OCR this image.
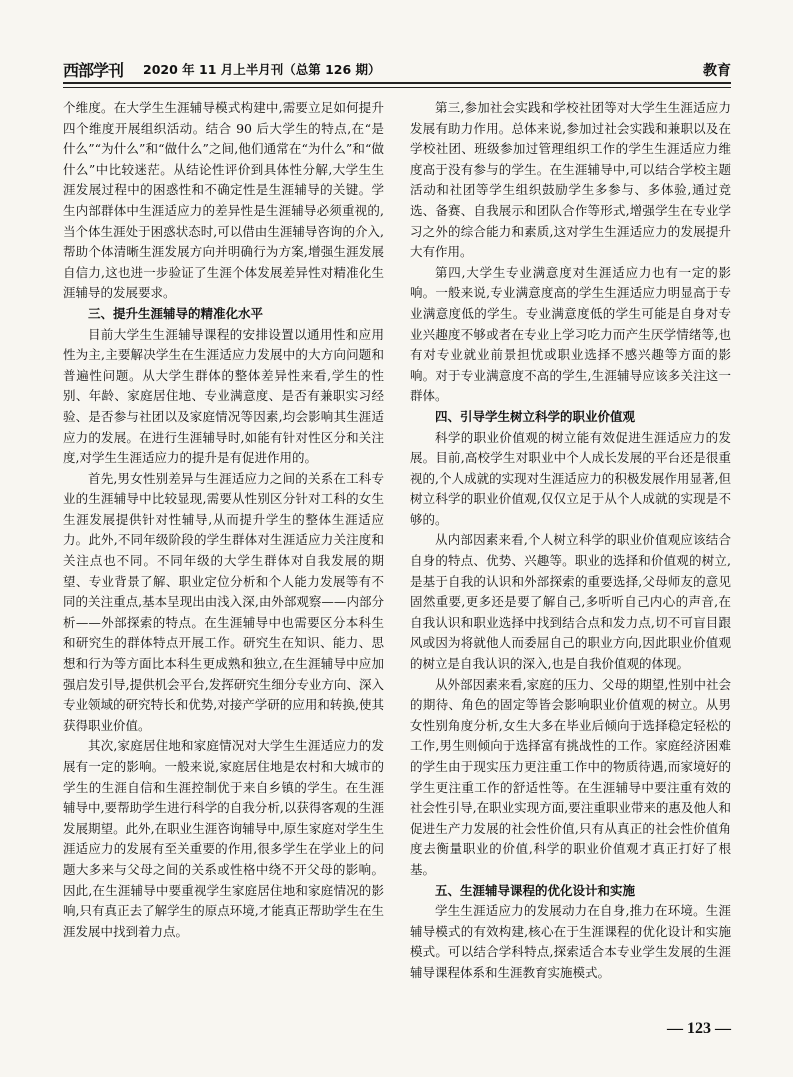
西部学刊 2020 年 11 月上半月刊（总第 126 期）	教育

个维度。在大学生生涯辅导模式构建中,需要立足如何提升四个维度开展组织活动。结合 90 后大学生的特点,在“是什么”“为什么”和“做什么”之间,他们通常在“为什么”和“做什么”中比较迷茫。从结论性评价到具体性分解,大学生生涯发展过程中的困惑性和不确定性是生涯辅导的关键。学生内部群体中生涯适应力的差异性是生涯辅导必须重视的,当个体生涯处于困惑状态时,可以借由生涯辅导咨询的介入,帮助个体清晰生涯发展方向并明确行为方案,增强生涯发展自信力,这也进一步验证了生涯个体发展差异性对精准化生涯辅导的发展要求。

三、提升生涯辅导的精准化水平

目前大学生生涯辅导课程的安排设置以通用性和应用性为主,主要解决学生在生涯适应力发展中的大方向问题和普遍性问题。从大学生群体的整体差异性来看,学生的性别、年龄、家庭居住地、专业满意度、是否有兼职实习经验、是否参与社团以及家庭情况等因素,均会影响其生涯适应力的发展。在进行生涯辅导时,如能有针对性区分和关注度,对学生生涯适应力的提升是有促进作用的。

首先,男女性别差异与生涯适应力之间的关系在工科专业的生涯辅导中比较显现,需要从性别区分针对工科的女生生涯发展提供针对性辅导,从而提升学生的整体生涯适应力。此外,不同年级阶段的学生群体对生涯适应力关注度和关注点也不同。不同年级的大学生群体对自我发展的期望、专业背景了解、职业定位分析和个人能力发展等有不同的关注重点,基本呈现出由浅入深,由外部观察——内部分析——外部探索的特点。在生涯辅导中也需要区分本科生和研究生的群体特点开展工作。研究生在知识、能力、思想和行为等方面比本科生更成熟和独立,在生涯辅导中应加强启发引导,提供机会平台,发挥研究生细分专业方向、深入专业领域的研究特长和优势,对接产学研的应用和转换,使其获得职业价值。

其次,家庭居住地和家庭情况对大学生生涯适应力的发展有一定的影响。一般来说,家庭居住地是农村和大城市的学生的生涯自信和生涯控制优于来自乡镇的学生。在生涯辅导中,要帮助学生进行科学的自我分析,以获得客观的生涯发展期望。此外,在职业生涯咨询辅导中,原生家庭对学生生涯适应力的发展有至关重要的作用,很多学生在学业上的问题大多来与父母之间的关系或性格中绕不开父母的影响。因此,在生涯辅导中要重视学生家庭居住地和家庭情况的影响,只有真正去了解学生的原点环境,才能真正帮助学生在生涯发展中找到着力点。

第三,参加社会实践和学校社团等对大学生生涯适应力发展有助力作用。总体来说,参加过社会实践和兼职以及在学校社团、班级参加过管理组织工作的学生生涯适应力维度高于没有参与的学生。在生涯辅导中,可以结合学校主题活动和社团等学生组织鼓励学生多参与、多体验,通过竞选、备赛、自我展示和团队合作等形式,增强学生在专业学习之外的综合能力和素质,这对学生生涯适应力的发展提升大有作用。

第四,大学生专业满意度对生涯适应力也有一定的影响。一般来说,专业满意度高的学生生涯适应力明显高于专业满意度低的学生。专业满意度低的学生可能是自身对专业兴趣度不够或者在专业上学习吃力而产生厌学情绪等,也有对专业就业前景担忧或职业选择不感兴趣等方面的影响。对于专业满意度不高的学生,生涯辅导应该多关注这一群体。

四、引导学生树立科学的职业价值观

科学的职业价值观的树立能有效促进生涯适应力的发展。目前,高校学生对职业中个人成长发展的平台还是很重视的,个人成就的实现对生涯适应力的积极发展作用显著,但树立科学的职业价值观,仅仅立足于从个人成就的实现是不够的。

从内部因素来看,个人树立科学的职业价值观应该结合自身的特点、优势、兴趣等。职业的选择和价值观的树立,是基于自我的认识和外部探索的重要选择,父母师友的意见固然重要,更多还是要了解自己,多听听自己内心的声音,在自我认识和职业选择中找到结合点和发力点,切不可盲目跟风或因为将就他人而委屈自己的职业方向,因此职业价值观的树立是自我认识的深入,也是自我价值观的体现。

从外部因素来看,家庭的压力、父母的期望,性别中社会的期待、角色的固定等皆会影响职业价值观的树立。从男女性别角度分析,女生大多在毕业后倾向于选择稳定轻松的工作,男生则倾向于选择富有挑战性的工作。家庭经济困难的学生由于现实压力更注重工作中的物质待遇,而家境好的学生更注重工作的舒适性等。在生涯辅导中要注重有效的社会性引导,在职业实现方面,要注重职业带来的惠及他人和促进生产力发展的社会性价值,只有从真正的社会性价值角度去衡量职业的价值,科学的职业价值观才真正打好了根基。

五、生涯辅导课程的优化设计和实施

学生生涯适应力的发展动力在自身,推力在环境。生涯辅导模式的有效构建,核心在于生涯课程的优化设计和实施模式。可以结合学科特点,探索适合本专业学生发展的生涯辅导课程体系和生涯教育实施模式。

— 123 —
